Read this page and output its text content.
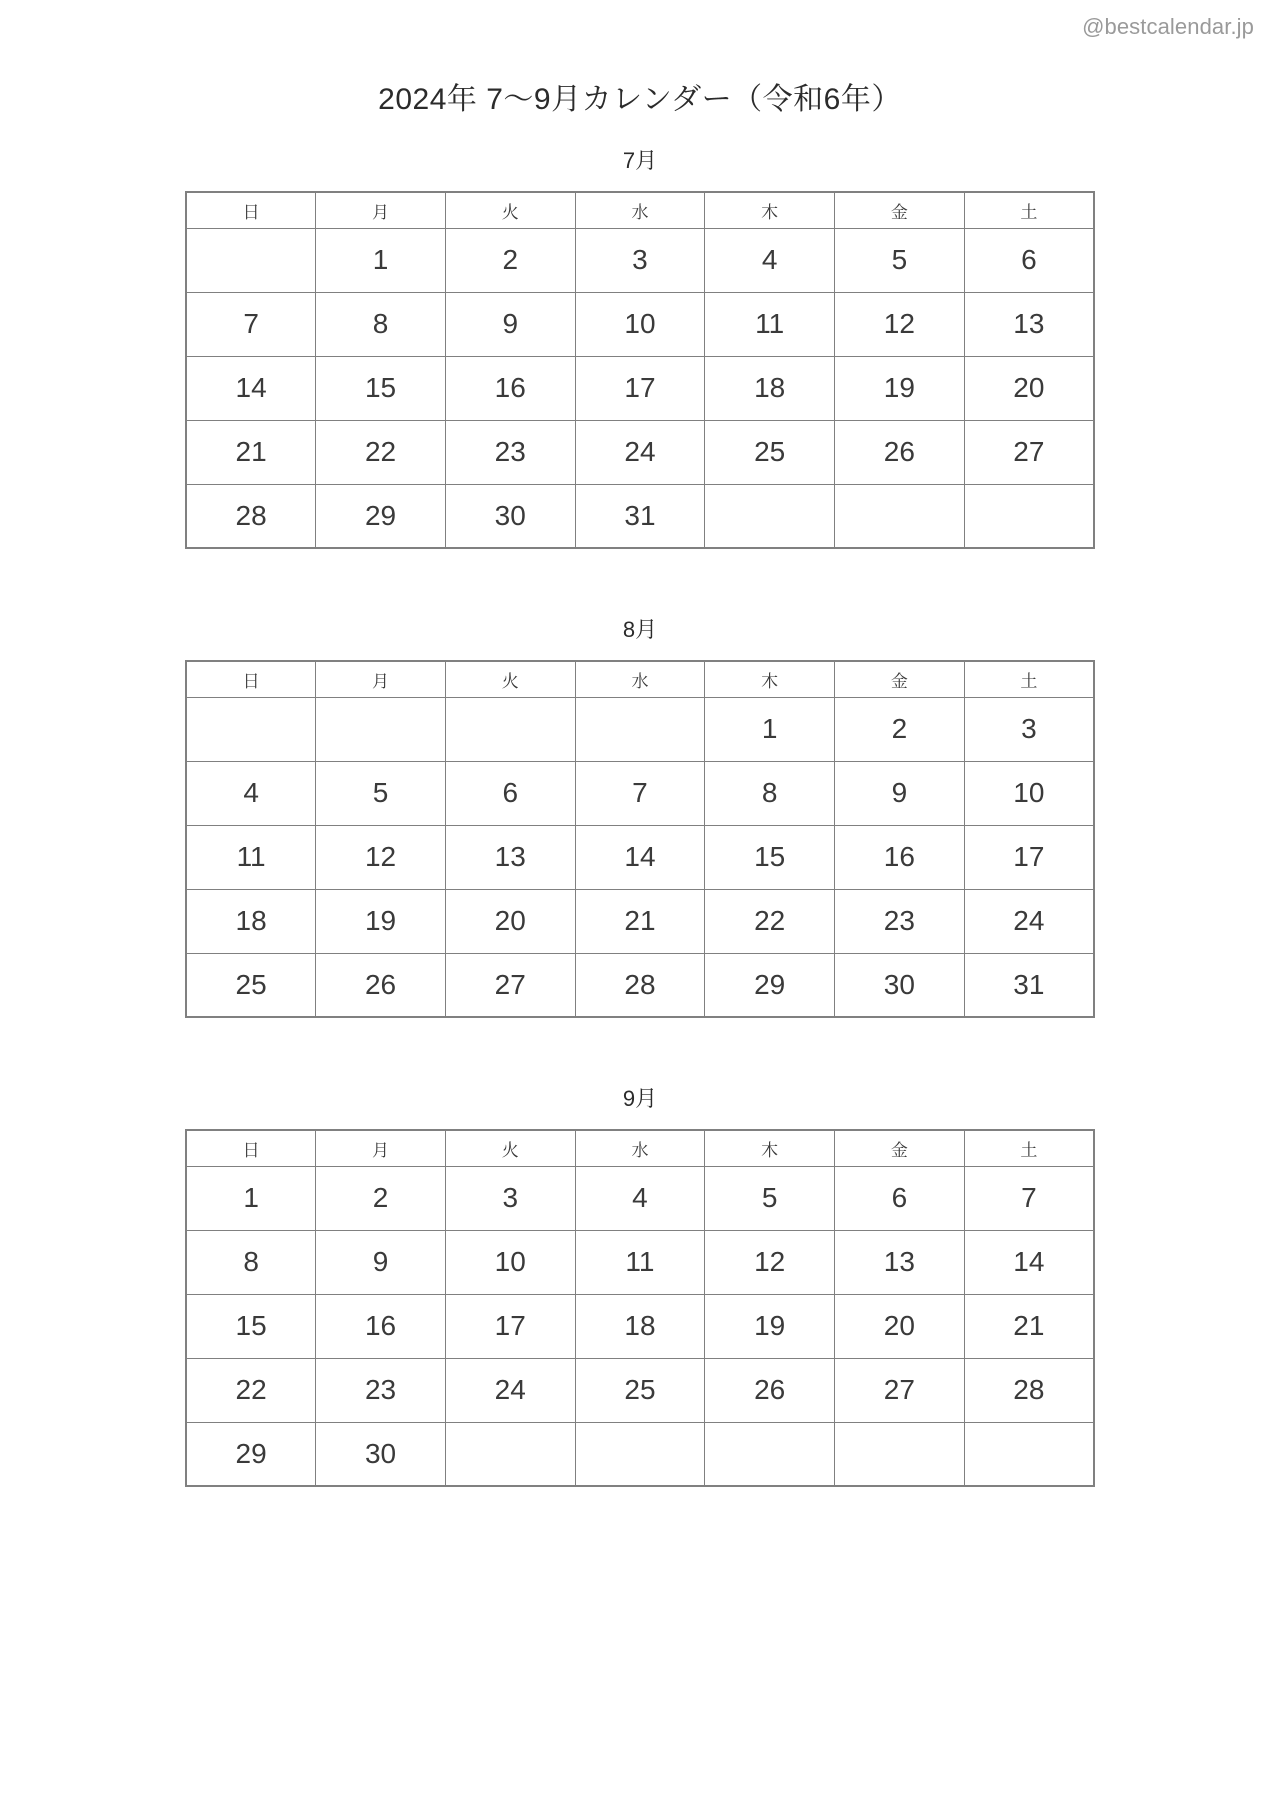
@bestcalendar.jp
2024年 7〜9月カレンダー（令和6年）
7月
日	月	火	水	木	金	土
	1	2	3	4	5	6
7	8	9	10	11	12	13
14	15	16	17	18	19	20
21	22	23	24	25	26	27
28	29	30	31			
8月
日	月	火	水	木	金	土
				1	2	3
4	5	6	7	8	9	10
11	12	13	14	15	16	17
18	19	20	21	22	23	24
25	26	27	28	29	30	31
9月
日	月	火	水	木	金	土
1	2	3	4	5	6	7
8	9	10	11	12	13	14
15	16	17	18	19	20	21
22	23	24	25	26	27	28
29	30					
